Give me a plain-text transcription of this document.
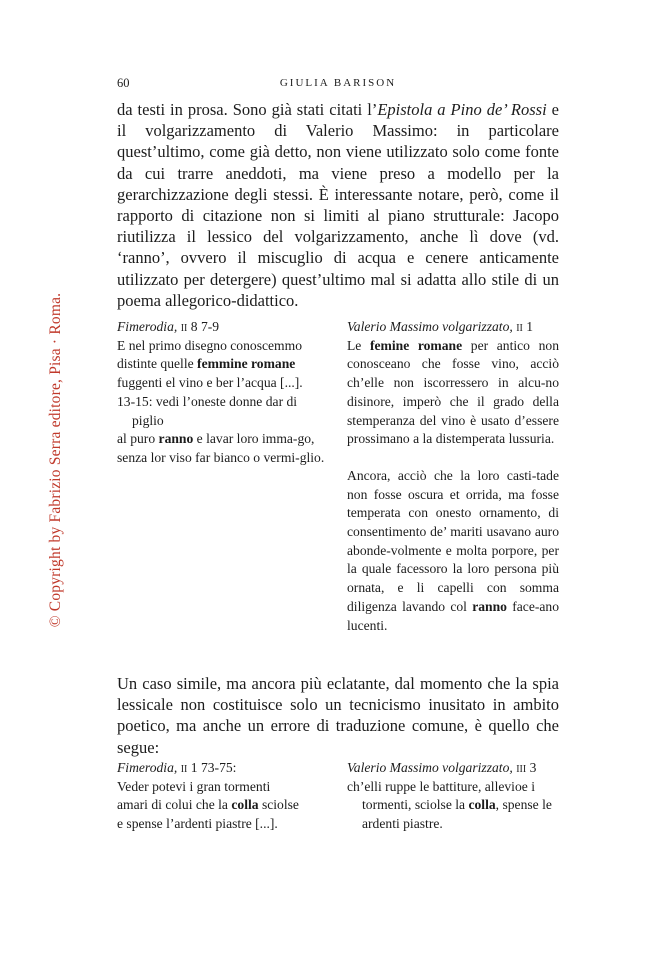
© Copyright by Fabrizio Serra editore, Pisa · Roma.
60	GIULIA BARISON

da testi in prosa. Sono già stati citati l’Epistola a Pino de’ Rossi e il volgarizzamento di Valerio Massimo: in particolare quest’ultimo, come già detto, non viene utilizzato solo come fonte da cui trarre aneddoti, ma viene preso a modello per la gerarchizzazione degli stessi. È interessante notare, però, come il rapporto di citazione non si limiti al piano strutturale: Jacopo riutilizza il lessico del volgarizzamento, anche lì dove (vd. ‘ranno’, ovvero il miscuglio di acqua e cenere anticamente utilizzato per detergere) quest’ultimo mal si adatta allo stile di un poema allegorico-didattico.

Fimerodia, ii 8 7-9

E nel primo disegno conoscemmo

distinte quelle femmine romane

fuggenti el vino e ber l’acqua [...].

13-15: vedi l’oneste donne dar di piglio

al puro ranno e lavar loro imma-go,

senza lor viso far bianco o vermi-glio.

Valerio Massimo volgarizzato, ii 1

Le femine romane per antico non conosceano che fosse vino, acciò ch’elle non iscorressero in alcu-no disinore, imperò che il grado della stemperanza del vino è usato d’essere prossimano a la distemperata lussuria.

Ancora, acciò che la loro casti-tade non fosse oscura et orrida, ma fosse temperata con onesto ornamento, di consentimento de’ mariti usavano auro abonde-volmente e molta porpore, per la quale facessoro la loro persona più ornata, e li capelli con somma diligenza lavando col ranno face-ano lucenti.

Un caso simile, ma ancora più eclatante, dal momento che la spia lessicale non costituisce solo un tecnicismo inusitato in ambito poetico, ma anche un errore di traduzione comune, è quello che segue:

Fimerodia, ii 1 73-75:

Veder potevi i gran tormenti

amari di colui che la colla sciolse

e spense l’ardenti piastre [...].

Valerio Massimo volgarizzato, iii 3

ch’elli ruppe le battiture, allevioe i tormenti, sciolse la colla, spense le ardenti piastre.
